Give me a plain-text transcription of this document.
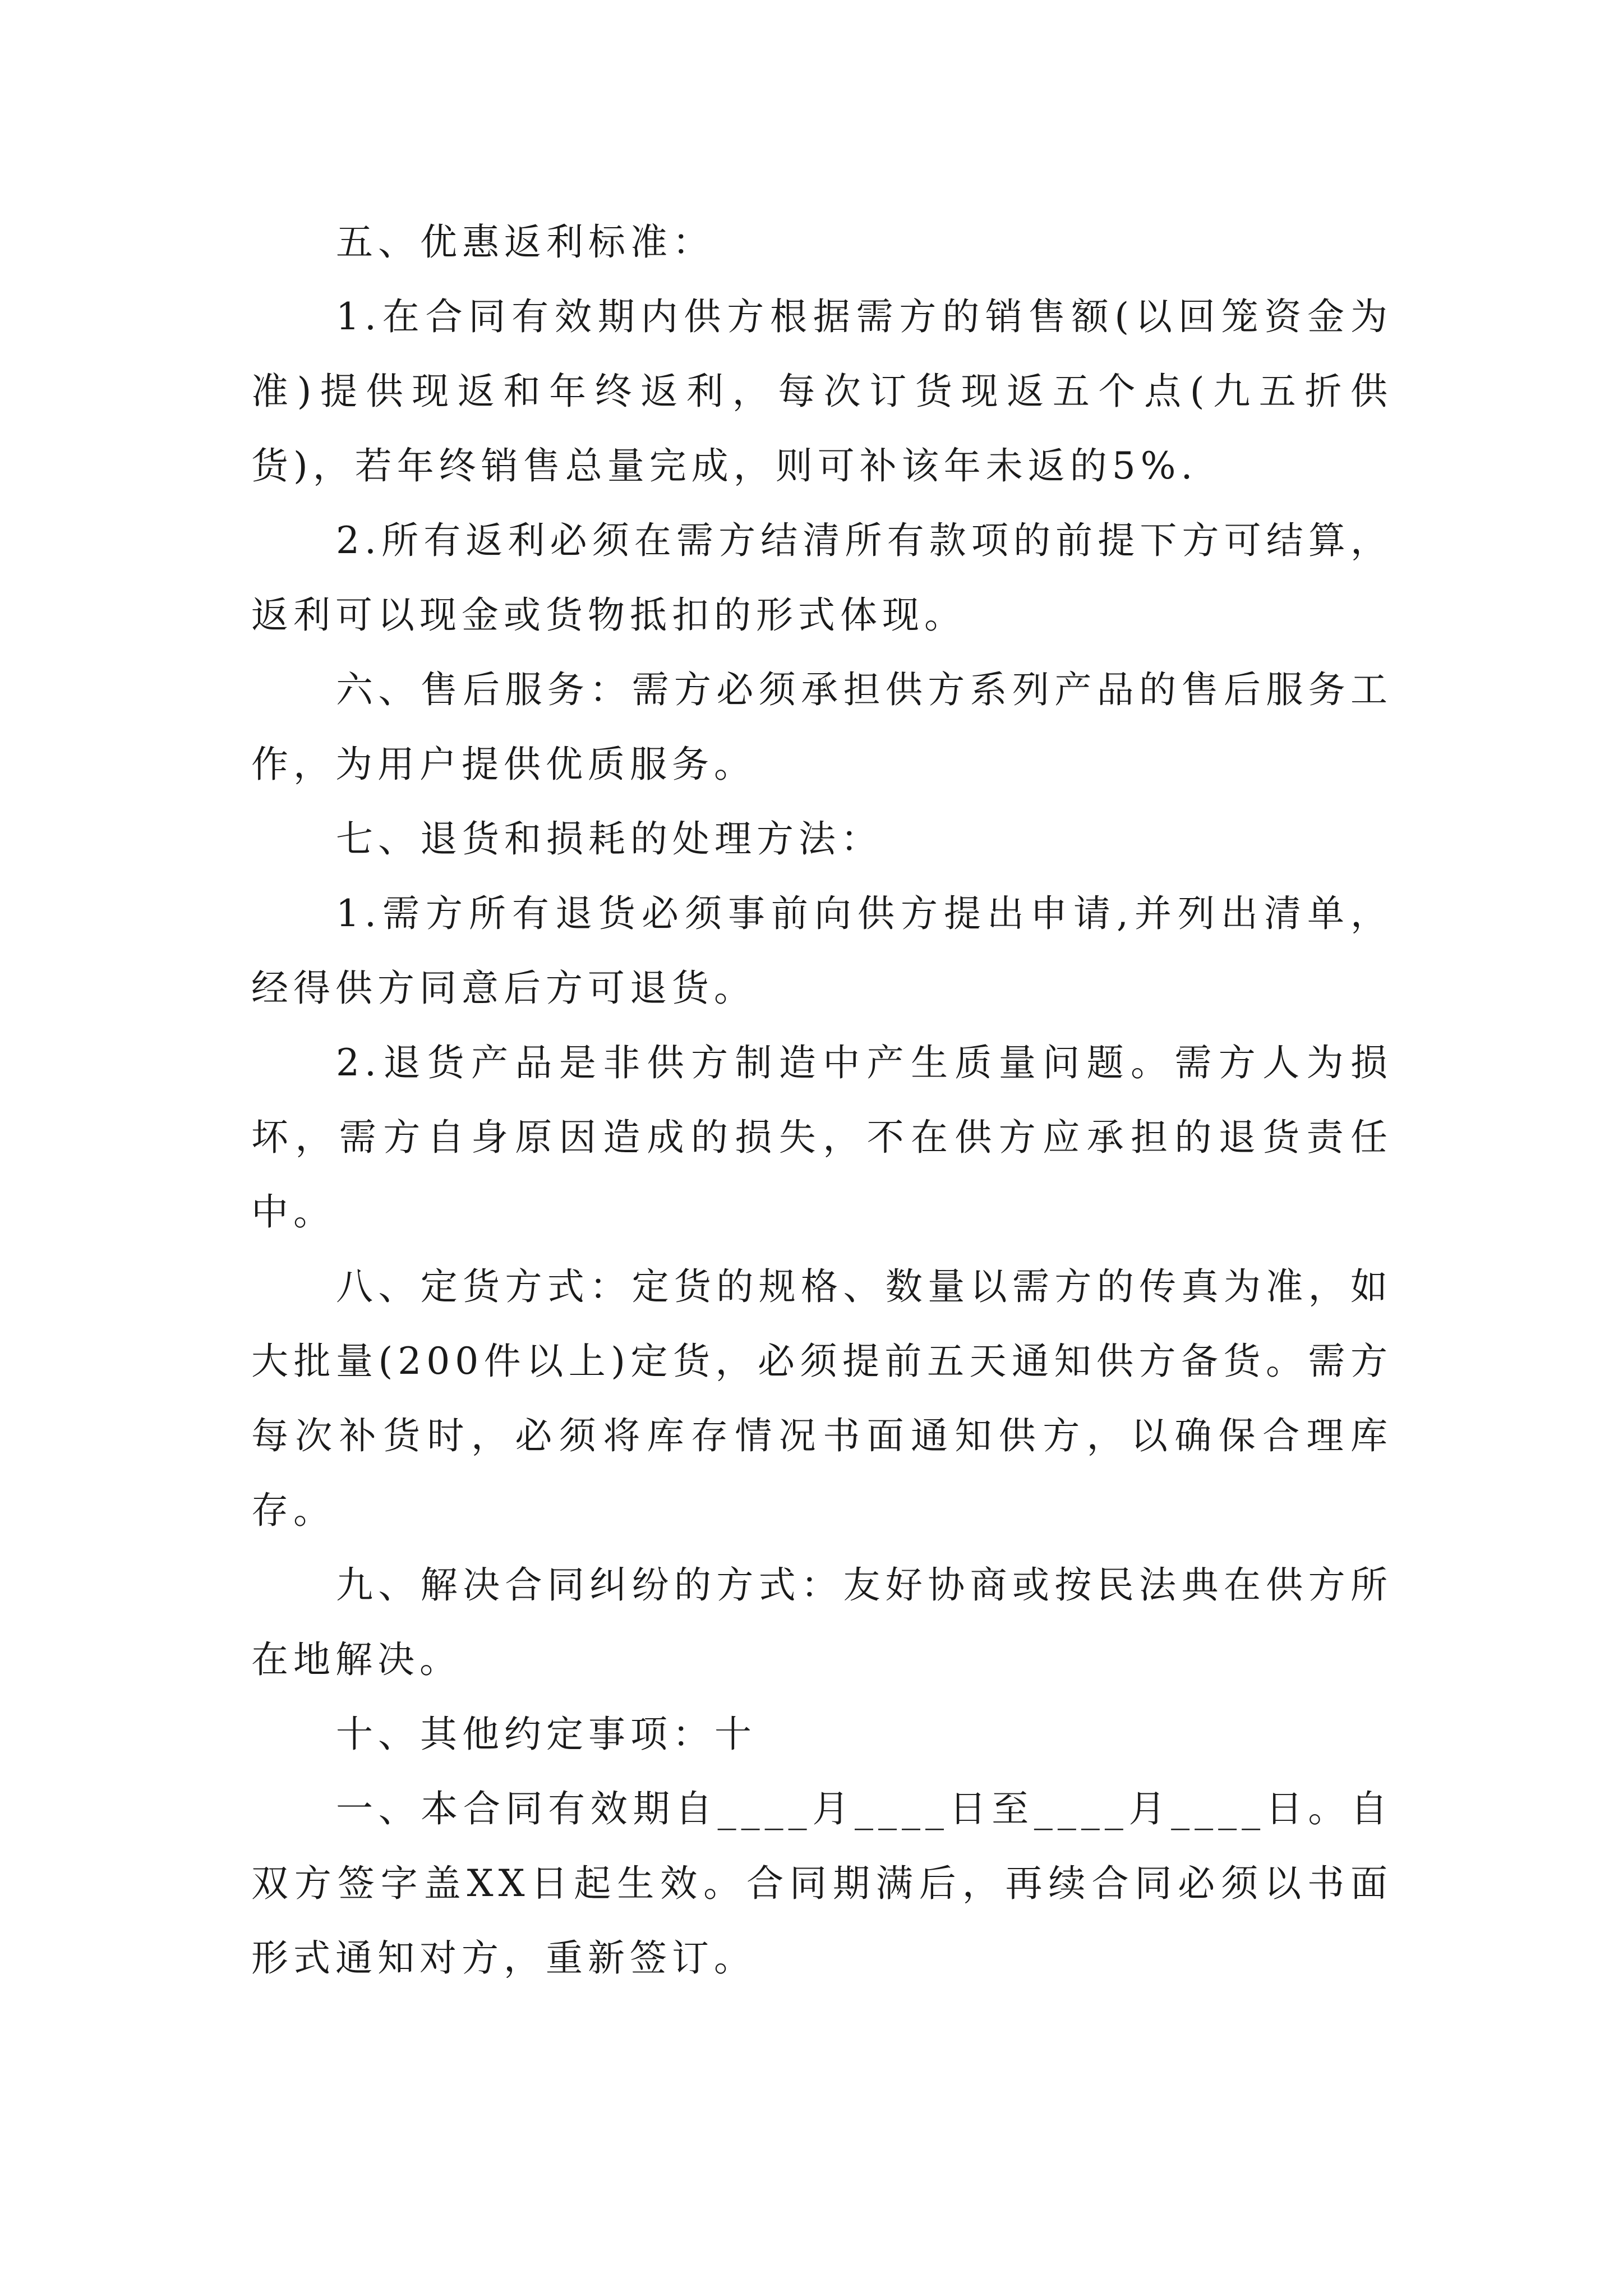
五、优惠返利标准：

1.在合同有效期内供方根据需方的销售额(以回笼资金为准)提供现返和年终返利，每次订货现返五个点(九五折供货)，若年终销售总量完成，则可补该年未返的5%.

2.所有返利必须在需方结清所有款项的前提下方可结算，返利可以现金或货物抵扣的形式体现。

六、售后服务：需方必须承担供方系列产品的售后服务工作，为用户提供优质服务。

七、退货和损耗的处理方法：

1.需方所有退货必须事前向供方提出申请,并列出清单，经得供方同意后方可退货。

2.退货产品是非供方制造中产生质量问题。需方人为损坏，需方自身原因造成的损失，不在供方应承担的退货责任中。

八、定货方式：定货的规格、数量以需方的传真为准，如大批量(200件以上)定货，必须提前五天通知供方备货。需方每次补货时，必须将库存情况书面通知供方，以确保合理库存。

九、解决合同纠纷的方式：友好协商或按民法典在供方所在地解决。

十、其他约定事项：十

一、本合同有效期自____月____日至____月____日。自双方签字盖XX日起生效。合同期满后，再续合同必须以书面形式通知对方，重新签订。
